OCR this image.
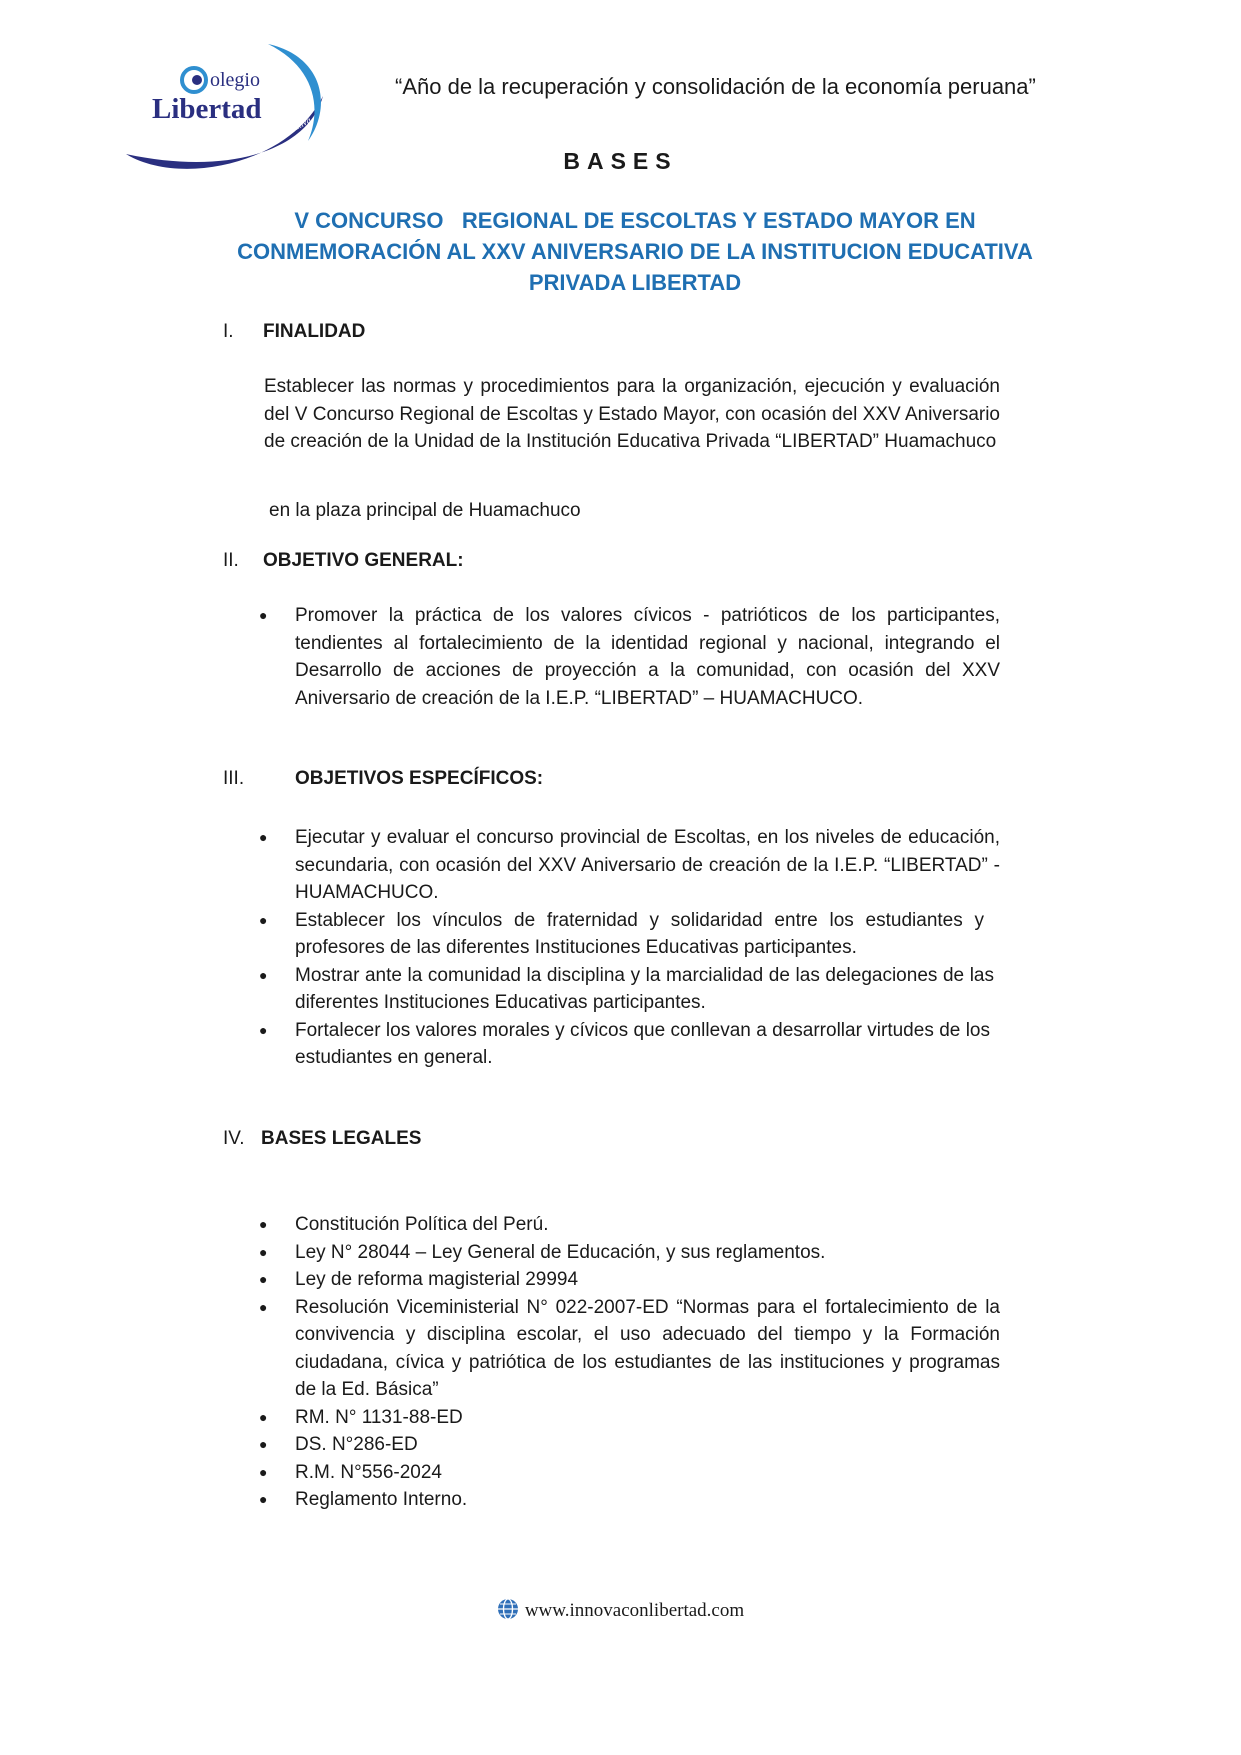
olegio
Libertad
excelencia educativa
“Año de la recuperación y consolidación de la economía peruana”
BASES
V CONCURSO   REGIONAL DE ESCOLTAS Y ESTADO MAYOR EN
CONMEMORACIÓN AL XXV ANIVERSARIO DE LA INSTITUCION EDUCATIVA
PRIVADA LIBERTAD
I. FINALIDAD
Establecer las normas y procedimientos para la organización, ejecución y evaluación del V Concurso Regional de Escoltas y Estado Mayor, con ocasión del XXV Aniversario de creación de la Unidad de la Institución Educativa Privada “LIBERTAD” Huamachuco
en la plaza principal de Huamachuco
II. OBJETIVO GENERAL:
● Promover la práctica de los valores cívicos - patrióticos de los participantes, tendientes al fortalecimiento de la identidad regional y nacional, integrando el Desarrollo de acciones de proyección a la comunidad, con ocasión del XXV Aniversario de creación de la I.E.P. “LIBERTAD” – HUAMACHUCO.
III.	OBJETIVOS ESPECÍFICOS:
● Ejecutar y evaluar el concurso provincial de Escoltas, en los niveles de educación, secundaria, con ocasión del XXV Aniversario de creación de la I.E.P. “LIBERTAD” - HUAMACHUCO.
● Establecer los vínculos de fraternidad y solidaridad entre los estudiantes y profesores de las diferentes Instituciones Educativas participantes.
● Mostrar ante la comunidad la disciplina y la marcialidad de las delegaciones de las diferentes Instituciones Educativas participantes.
● Fortalecer los valores morales y cívicos que conllevan a desarrollar virtudes de los estudiantes en general.
IV. BASES LEGALES
● Constitución Política del Perú.
● Ley N° 28044 – Ley General de Educación, y sus reglamentos.
● Ley de reforma magisterial 29994
● Resolución Viceministerial N° 022-2007-ED “Normas para el fortalecimiento de la convivencia y disciplina escolar, el uso adecuado del tiempo y la Formación ciudadana, cívica y patriótica de los estudiantes de las instituciones y programas de la Ed. Básica”
● RM. N° 1131-88-ED
● DS. N°286-ED
● R.M. N°556-2024
● Reglamento Interno.
www.innovaconlibertad.com
